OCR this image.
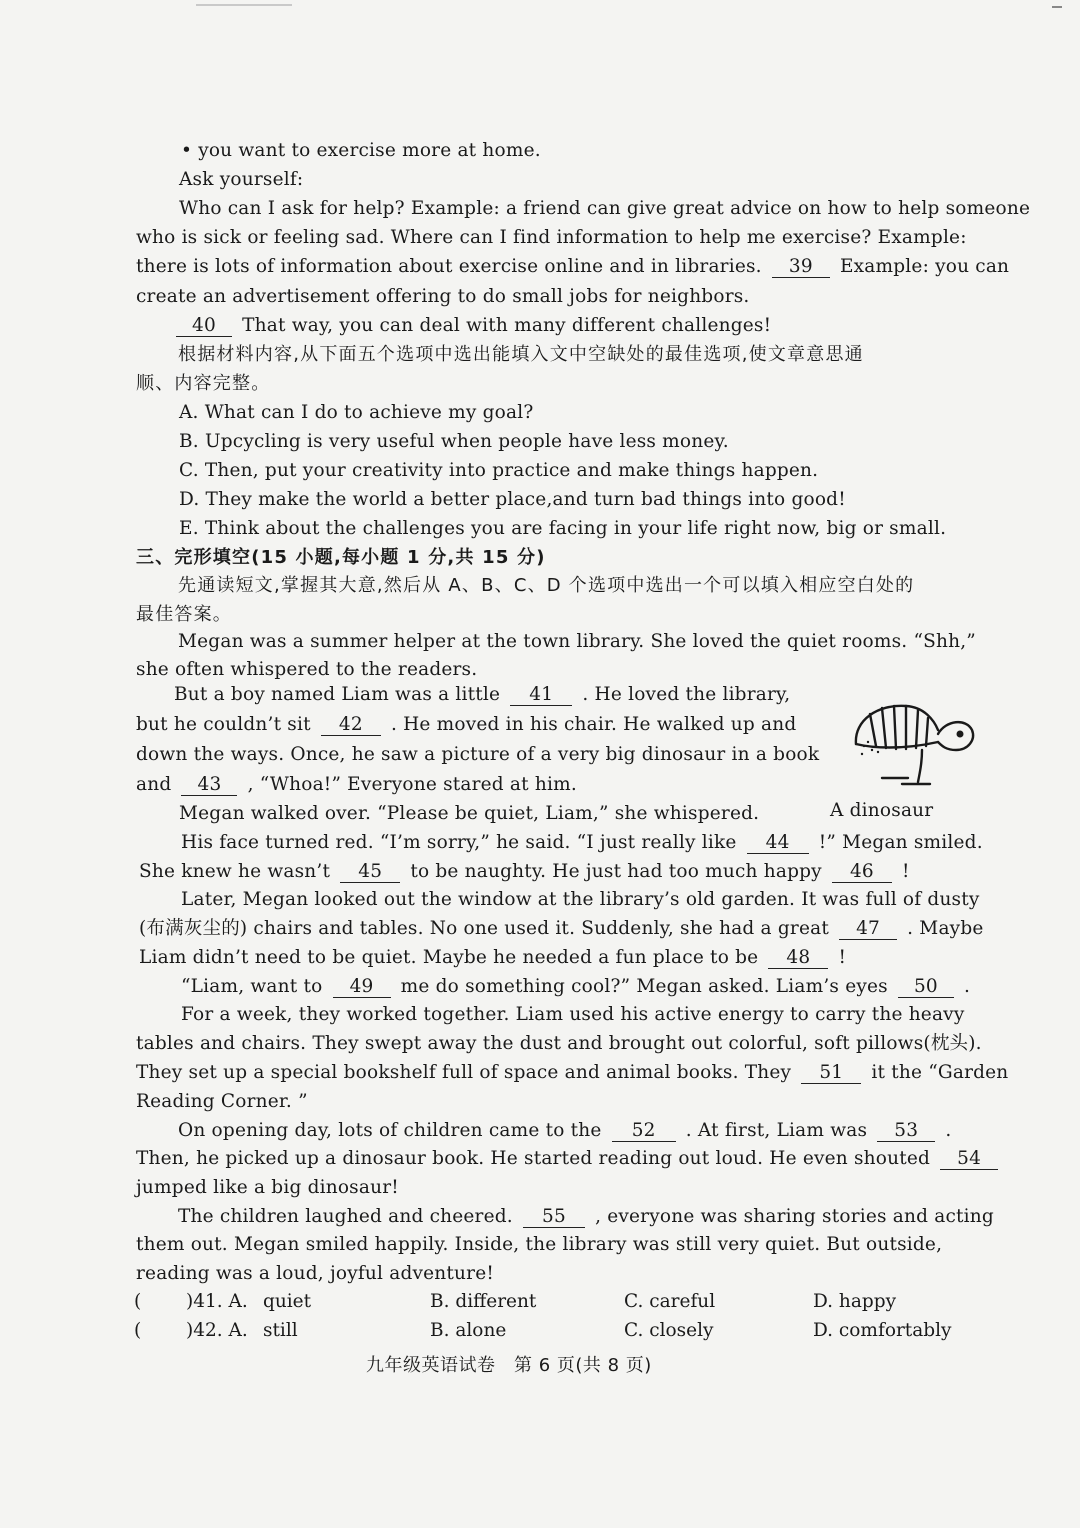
• you want to exercise more at home.
Ask yourself:
Who can I ask for help? Example: a friend can give great advice on how to help someone
who is sick or feeling sad. Where can I find information to help me exercise? Example:
there is lots of information about exercise online and in libraries. 39 Example: you can
create an advertisement offering to do small jobs for neighbors.
40 That way, you can deal with many different challenges!
根据材料内容,从下面五个选项中选出能填入文中空缺处的最佳选项,使文章意思通
顺、内容完整。
A. What can I do to achieve my goal?
B. Upcycling is very useful when people have less money.
C. Then, put your creativity into practice and make things happen.
D. They make the world a better place,and turn bad things into good!
E. Think about the challenges you are facing in your life right now, big or small.
三、完形填空(15 小题,每小题 1 分,共 15 分)
先通读短文,掌握其大意,然后从 A、B、C、D 个选项中选出一个可以填入相应空白处的
最佳答案。
Megan was a summer helper at the town library. She loved the quiet rooms. “Shh,”
she often whispered to the readers.
But a boy named Liam was a little 41 . He loved the library,
but he couldn’t sit 42 . He moved in his chair. He walked up and
down the ways. Once, he saw a picture of a very big dinosaur in a book
and 43 , “Whoa!” Everyone stared at him.
A dinosaur
Megan walked over. “Please be quiet, Liam,” she whispered.
His face turned red. “I’m sorry,” he said. “I just really like 44 !” Megan smiled.
She knew he wasn’t 45 to be naughty. He just had too much happy 46 !
Later, Megan looked out the window at the library’s old garden. It was full of dusty
(布满灰尘的) chairs and tables. No one used it. Suddenly, she had a great 47 . Maybe
Liam didn’t need to be quiet. Maybe he needed a fun place to be 48 !
“Liam, want to 49 me do something cool?” Megan asked. Liam’s eyes 50 .
For a week, they worked together. Liam used his active energy to carry the heavy
tables and chairs. They swept away the dust and brought out colorful, soft pillows(枕头).
They set up a special bookshelf full of space and animal books. They 51 it the “Garden
Reading Corner. ”
On opening day, lots of children came to the 52 . At first, Liam was 53 .
Then, he picked up a dinosaur book. He started reading out loud. He even shouted 54
jumped like a big dinosaur!
The children laughed and cheered. 55 , everyone was sharing stories and acting
them out. Megan smiled happily. Inside, the library was still very quiet. But outside,
reading was a loud, joyful adventure!
( )41. A. quiet	B. different	C. careful	D. happy
( )42. A. still	B. alone	C. closely	D. comfortably
九年级英语试卷　第 6 页(共 8 页)
